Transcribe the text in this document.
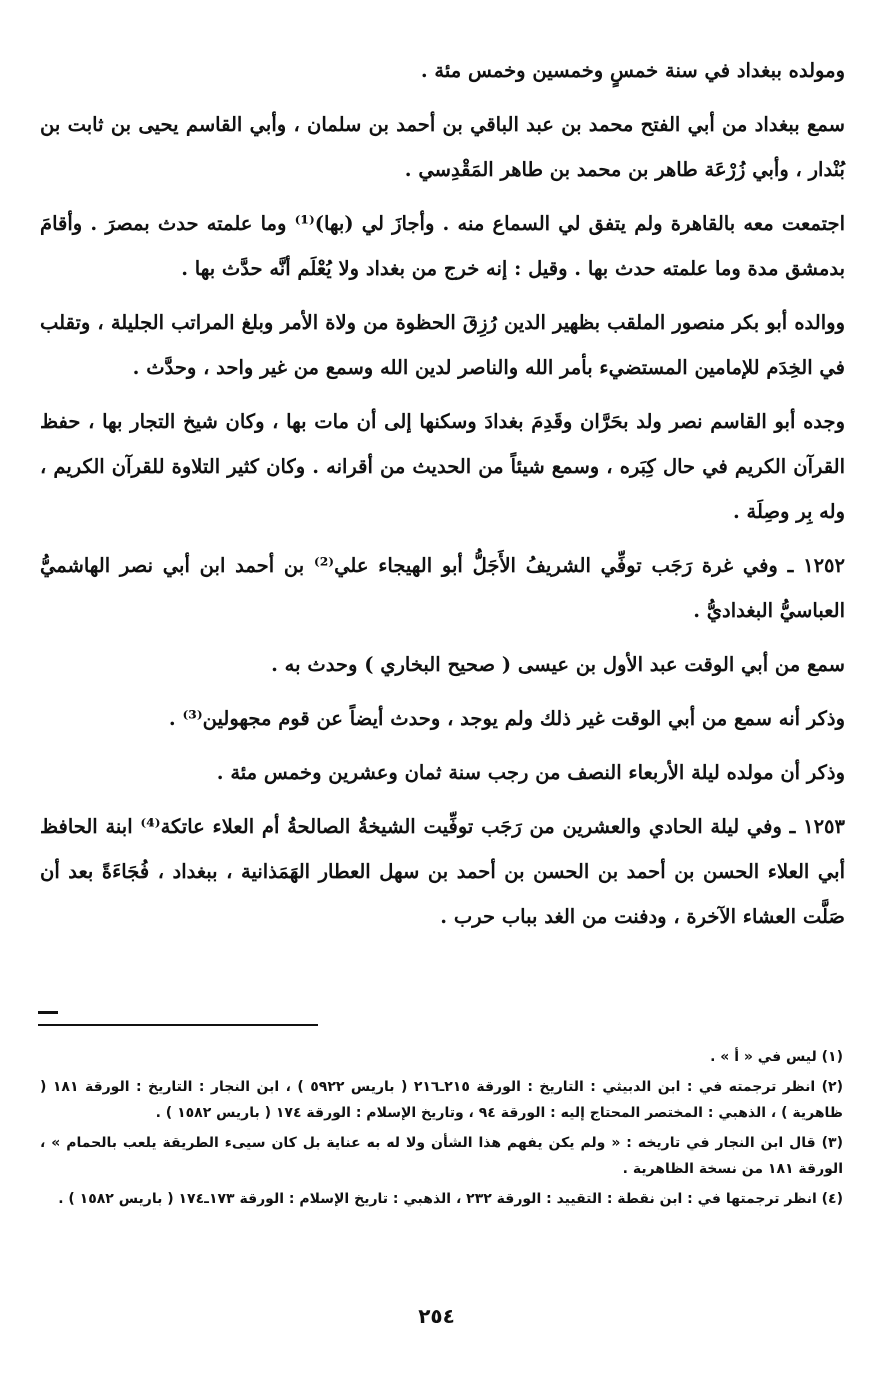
ومولده ببغداد في سنة خمسٍ وخمسين وخمس مئة .

سمع ببغداد من أبي الفتح محمد بن عبد الباقي بن أحمد بن سلمان ، وأبي القاسم يحيى بن ثابت بن بُنْدار ، وأبي زُرْعَة طاهر بن محمد بن طاهر المَقْدِسي .

اجتمعت معه بالقاهرة ولم يتفق لي السماع منه . وأجازَ لي (بها)⁽¹⁾ وما علمته حدث بمصرَ . وأقامَ بدمشق مدة وما علمته حدث بها . وقيل : إنه خرج من بغداد ولا يُعْلَم أنَّه حدَّث بها .

ووالده أبو بكر منصور الملقب بظهير الدين رُزِقَ الحظوة من ولاة الأمر وبلغ المراتب الجليلة ، وتقلب في الخِدَم للإمامين المستضيء بأمر الله والناصر لدين الله وسمع من غير واحد ، وحدَّث .

وجده أبو القاسم نصر ولد بحَرَّان وقَدِمَ بغدادَ وسكنها إلى أن مات بها ، وكان شيخ التجار بها ، حفظ القرآن الكريم في حال كِبَره ، وسمع شيئاً من الحديث من أقرانه . وكان كثير التلاوة للقرآن الكريم ، وله بِر وصِلَة .

١٢٥٢ ـ وفي غرة رَجَب توفِّي الشريفُ الأَجَلُّ أبو الهيجاء علي⁽²⁾ بن أحمد ابن أبي نصر الهاشميُّ العباسيُّ البغداديُّ .

سمع من أبي الوقت عبد الأول بن عيسى ( صحيح البخاري ) وحدث به .

وذكر أنه سمع من أبي الوقت غير ذلك ولم يوجد ، وحدث أيضاً عن قوم مجهولين⁽³⁾ .

وذكر أن مولده ليلة الأربعاء النصف من رجب سنة ثمان وعشرين وخمس مئة .

١٢٥٣ ـ وفي ليلة الحادي والعشرين من رَجَب توفِّيت الشيخةُ الصالحةُ أم العلاء عاتكة⁽⁴⁾ ابنة الحافظ أبي العلاء الحسن بن أحمد بن الحسن بن أحمد بن سهل العطار الهَمَذانية ، ببغداد ، فُجَاءَةً بعد أن صَلَّت العشاء الآخرة ، ودفنت من الغد بباب حرب .

(١) ليس في « أ » .

(٢) انظر ترجمته في : ابن الدبيثي : التاريخ : الورقة ٢١٥ـ٢١٦ ( باريس ٥٩٢٢ ) ، ابن النجار : التاريخ : الورقة ١٨١ ( ظاهرية ) ، الذهبي : المختصر المحتاج إليه : الورقة ٩٤ ، وتاريخ الإسلام : الورقة ١٧٤ ( باريس ١٥٨٢ ) .

(٣) قال ابن النجار في تاريخه : « ولم يكن يفهم هذا الشأن ولا له به عناية بل كان سيىء الطريقة يلعب بالحمام » ، الورقة ١٨١ من نسخة الظاهرية .

(٤) انظر ترجمتها في : ابن نقطة : التقييد : الورقة ٢٣٢ ، الذهبي : تاريخ الإسلام : الورقة ١٧٣ـ١٧٤ ( باريس ١٥٨٢ ) .

٢٥٤
